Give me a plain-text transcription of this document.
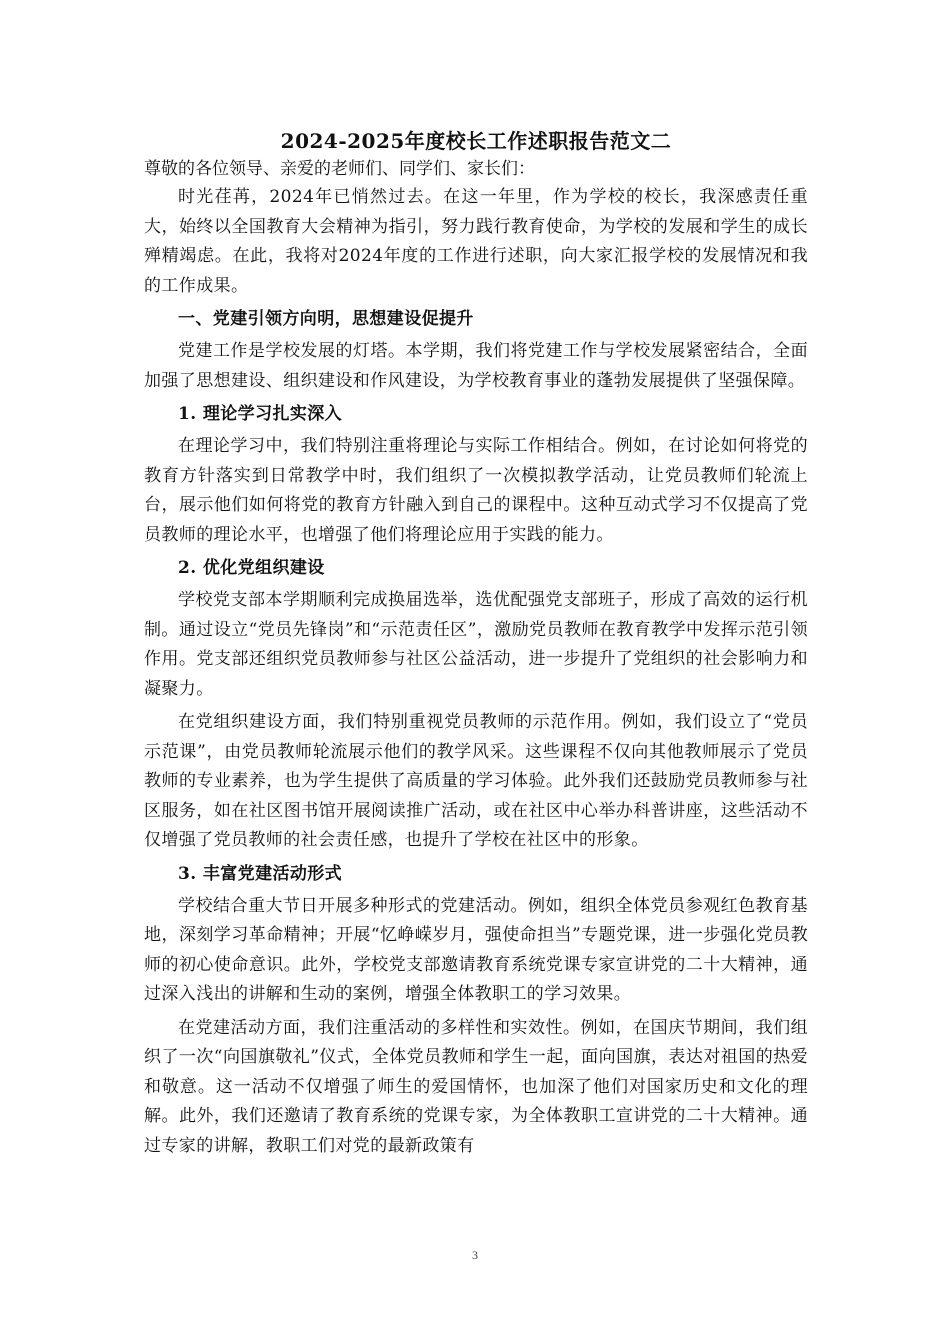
2024-2025年度校长工作述职报告范文二
尊敬的各位领导、亲爱的老师们、同学们、家长们：

时光荏苒，2024年已悄然过去。在这一年里，作为学校的校长，我深感责任重大，始终以全国教育大会精神为指引，努力践行教育使命，为学校的发展和学生的成长殚精竭虑。在此，我将对2024年度的工作进行述职，向大家汇报学校的发展情况和我的工作成果。

一、党建引领方向明，思想建设促提升

党建工作是学校发展的灯塔。本学期，我们将党建工作与学校发展紧密结合，全面加强了思想建设、组织建设和作风建设，为学校教育事业的蓬勃发展提供了坚强保障。

1. 理论学习扎实深入

在理论学习中，我们特别注重将理论与实际工作相结合。例如，在讨论如何将党的教育方针落实到日常教学中时，我们组织了一次模拟教学活动，让党员教师们轮流上台，展示他们如何将党的教育方针融入到自己的课程中。这种互动式学习不仅提高了党员教师的理论水平，也增强了他们将理论应用于实践的能力。

2. 优化党组织建设

学校党支部本学期顺利完成换届选举，选优配强党支部班子，形成了高效的运行机制。通过设立“党员先锋岗”和“示范责任区”，激励党员教师在教育教学中发挥示范引领作用。党支部还组织党员教师参与社区公益活动，进一步提升了党组织的社会影响力和凝聚力。

在党组织建设方面，我们特别重视党员教师的示范作用。例如，我们设立了“党员示范课”，由党员教师轮流展示他们的教学风采。这些课程不仅向其他教师展示了党员教师的专业素养，也为学生提供了高质量的学习体验。此外我们还鼓励党员教师参与社区服务，如在社区图书馆开展阅读推广活动，或在社区中心举办科普讲座，这些活动不仅增强了党员教师的社会责任感，也提升了学校在社区中的形象。

3. 丰富党建活动形式

学校结合重大节日开展多种形式的党建活动。例如，组织全体党员参观红色教育基地，深刻学习革命精神；开展“忆峥嵘岁月，强使命担当”专题党课，进一步强化党员教师的初心使命意识。此外，学校党支部邀请教育系统党课专家宣讲党的二十大精神，通过深入浅出的讲解和生动的案例，增强全体教职工的学习效果。

在党建活动方面，我们注重活动的多样性和实效性。例如，在国庆节期间，我们组织了一次“向国旗敬礼”仪式，全体党员教师和学生一起，面向国旗，表达对祖国的热爱和敬意。这一活动不仅增强了师生的爱国情怀，也加深了他们对国家历史和文化的理解。此外，我们还邀请了教育系统的党课专家，为全体教职工宣讲党的二十大精神。通过专家的讲解，教职工们对党的最新政策有

3
